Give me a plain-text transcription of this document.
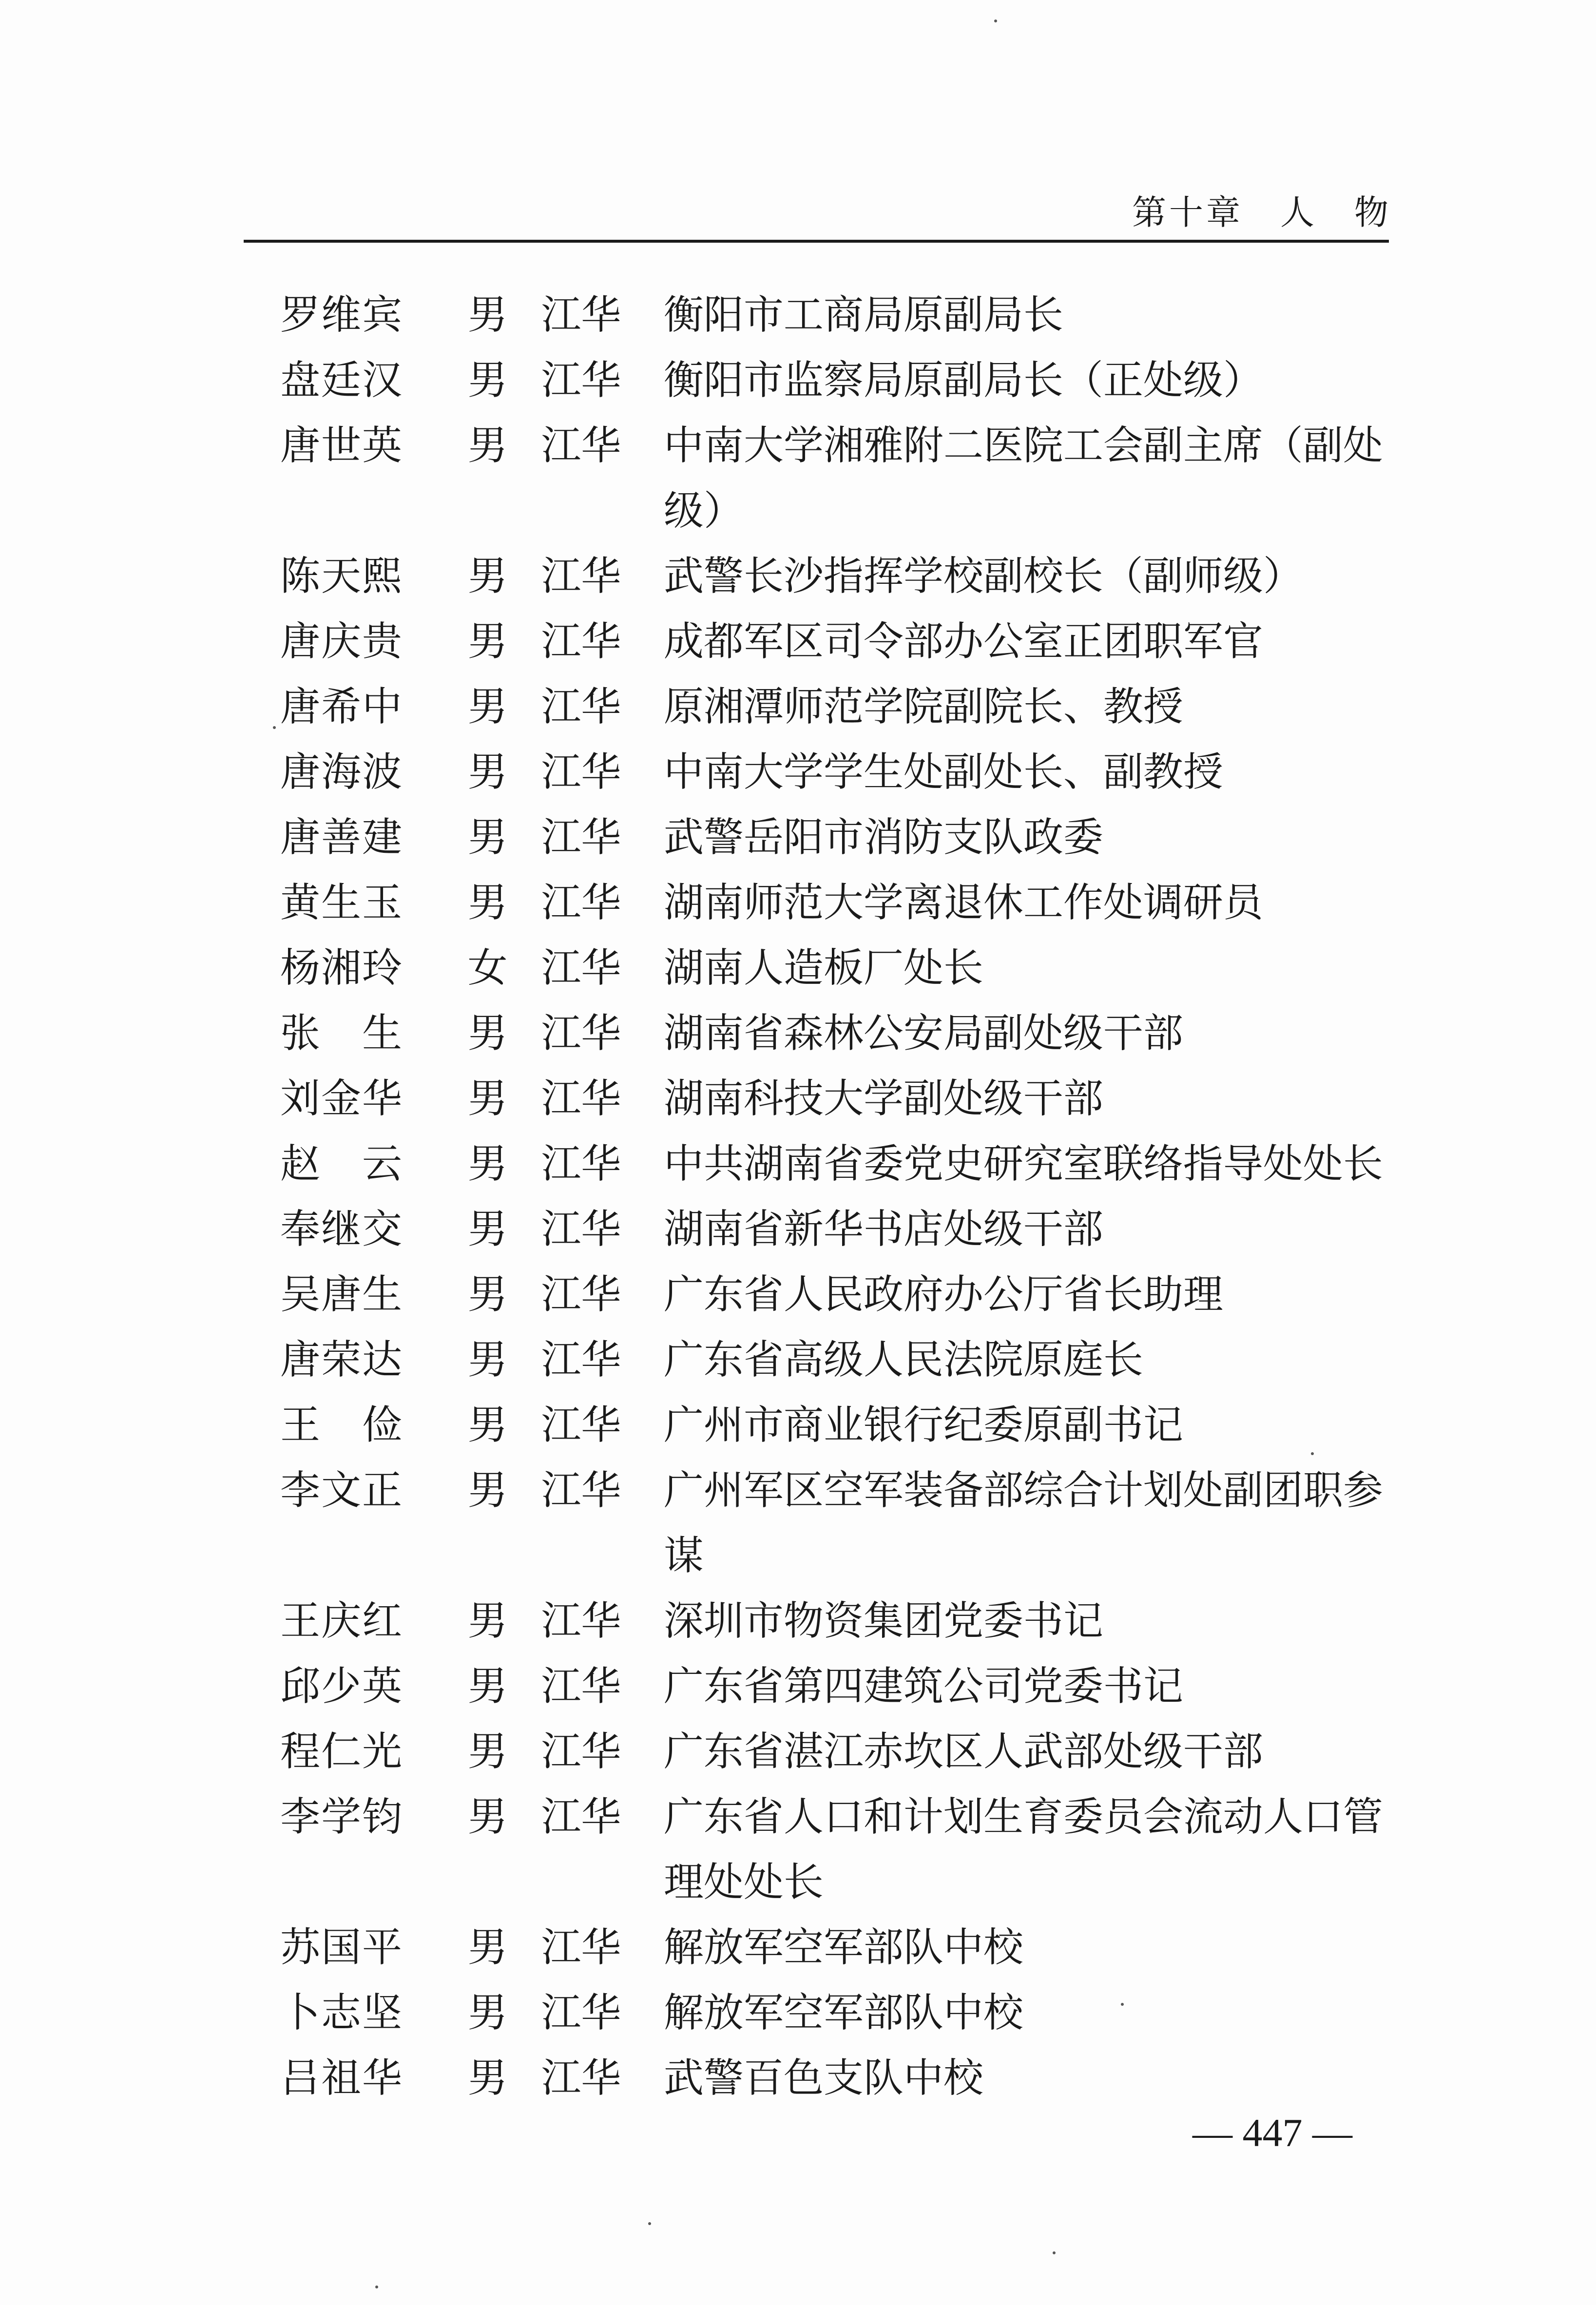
第十章　人　物
罗维宾	男 江华 衡阳市工商局原副局长
盘廷汉	男 江华 衡阳市监察局原副局长（正处级）
唐世英	男 江华 中南大学湘雅附二医院工会副主席（副处级）
陈天熙	男 江华 武警长沙指挥学校副校长（副师级）
唐庆贵	男 江华 成都军区司令部办公室正团职军官
唐希中	男 江华 原湘潭师范学院副院长、教授
唐海波	男 江华 中南大学学生处副处长、副教授
唐善建	男 江华 武警岳阳市消防支队政委
黄生玉	男 江华 湖南师范大学离退休工作处调研员
杨湘玲	女 江华 湖南人造板厂处长
张　生	男 江华 湖南省森林公安局副处级干部
刘金华	男 江华 湖南科技大学副处级干部
赵　云	男 江华 中共湖南省委党史研究室联络指导处处长
奉继交	男 江华 湖南省新华书店处级干部
吴唐生	男 江华 广东省人民政府办公厅省长助理
唐荣达	男 江华 广东省高级人民法院原庭长
王　俭	男 江华 广州市商业银行纪委原副书记
李文正	男 江华 广州军区空军装备部综合计划处副团职参谋
王庆红	男 江华 深圳市物资集团党委书记
邱少英	男 江华 广东省第四建筑公司党委书记
程仁光	男 江华 广东省湛江赤坎区人武部处级干部
李学钧	男 江华 广东省人口和计划生育委员会流动人口管理处处长
苏国平	男 江华 解放军空军部队中校
卜志坚	男 江华 解放军空军部队中校
吕祖华	男 江华 武警百色支队中校
— 447 —
